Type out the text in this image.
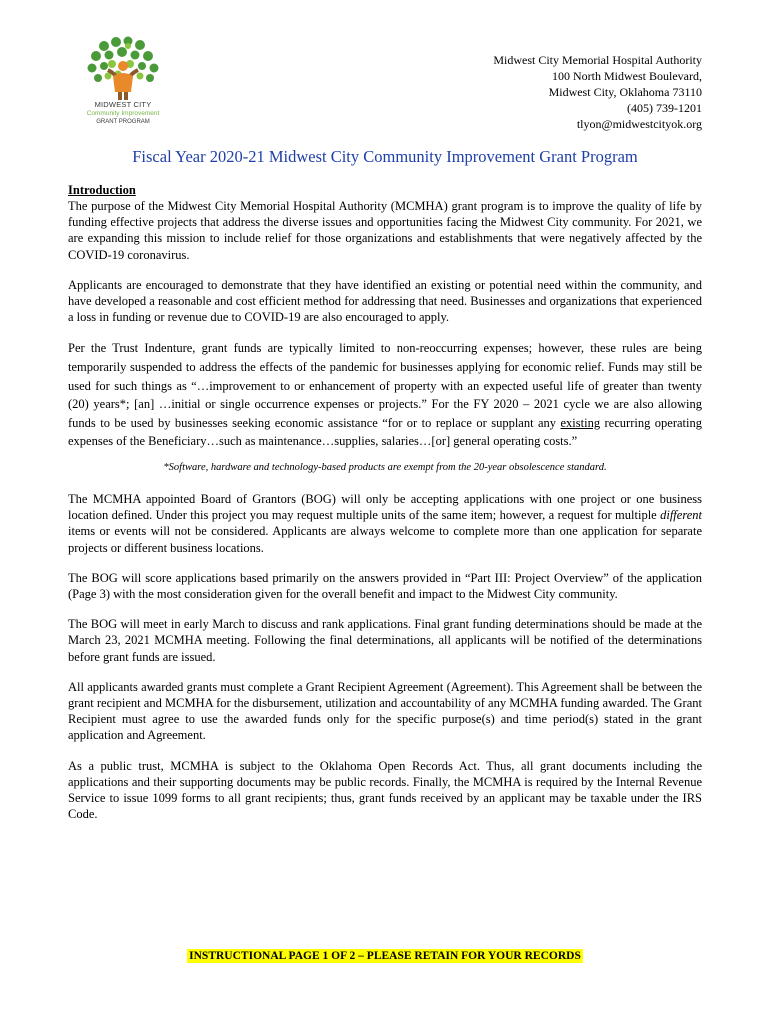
MIDWEST CITY
Community Improvement
GRANT PROGRAM
Midwest City Memorial Hospital Authority
100 North Midwest Boulevard,
Midwest City, Oklahoma 73110
(405) 739-1201
tlyon@midwestcityok.org
Fiscal Year 2020-21 Midwest City Community Improvement Grant Program
Introduction

The purpose of the Midwest City Memorial Hospital Authority (MCMHA) grant program is to improve the quality of life by funding effective projects that address the diverse issues and opportunities facing the Midwest City community. For 2021, we are expanding this mission to include relief for those organizations and establishments that were negatively affected by the COVID-19 coronavirus.

Applicants are encouraged to demonstrate that they have identified an existing or potential need within the community, and have developed a reasonable and cost efficient method for addressing that need. Businesses and organizations that experienced a loss in funding or revenue due to COVID-19 are also encouraged to apply.

Per the Trust Indenture, grant funds are typically limited to non-reoccurring expenses; however, these rules are being temporarily suspended to address the effects of the pandemic for businesses applying for economic relief. Funds may still be used for such things as “…improvement to or enhancement of property with an expected useful life of greater than twenty (20) years*; [an] …initial or single occurrence expenses or projects.” For the FY 2020 – 2021 cycle we are also allowing funds to be used by businesses seeking economic assistance “for or to replace or supplant any existing recurring operating expenses of the Beneficiary…such as maintenance…supplies, salaries…[or] general operating costs.”

*Software, hardware and technology-based products are exempt from the 20-year obsolescence standard.

The MCMHA appointed Board of Grantors (BOG) will only be accepting applications with one project or one business location defined. Under this project you may request multiple units of the same item; however, a request for multiple different items or events will not be considered. Applicants are always welcome to complete more than one application for separate projects or different business locations.

The BOG will score applications based primarily on the answers provided in “Part III: Project Overview” of the application (Page 3) with the most consideration given for the overall benefit and impact to the Midwest City community.

The BOG will meet in early March to discuss and rank applications. Final grant funding determinations should be made at the March 23, 2021 MCMHA meeting. Following the final determinations, all applicants will be notified of the determinations before grant funds are issued.

All applicants awarded grants must complete a Grant Recipient Agreement (Agreement). This Agreement shall be between the grant recipient and MCMHA for the disbursement, utilization and accountability of any MCMHA funding awarded. The Grant Recipient must agree to use the awarded funds only for the specific purpose(s) and time period(s) stated in the grant application and Agreement.

As a public trust, MCMHA is subject to the Oklahoma Open Records Act. Thus, all grant documents including the applications and their supporting documents may be public records. Finally, the MCMHA is required by the Internal Revenue Service to issue 1099 forms to all grant recipients; thus, grant funds received by an applicant may be taxable under the IRS Code.

INSTRUCTIONAL PAGE 1 OF 2 – PLEASE RETAIN FOR YOUR RECORDS
